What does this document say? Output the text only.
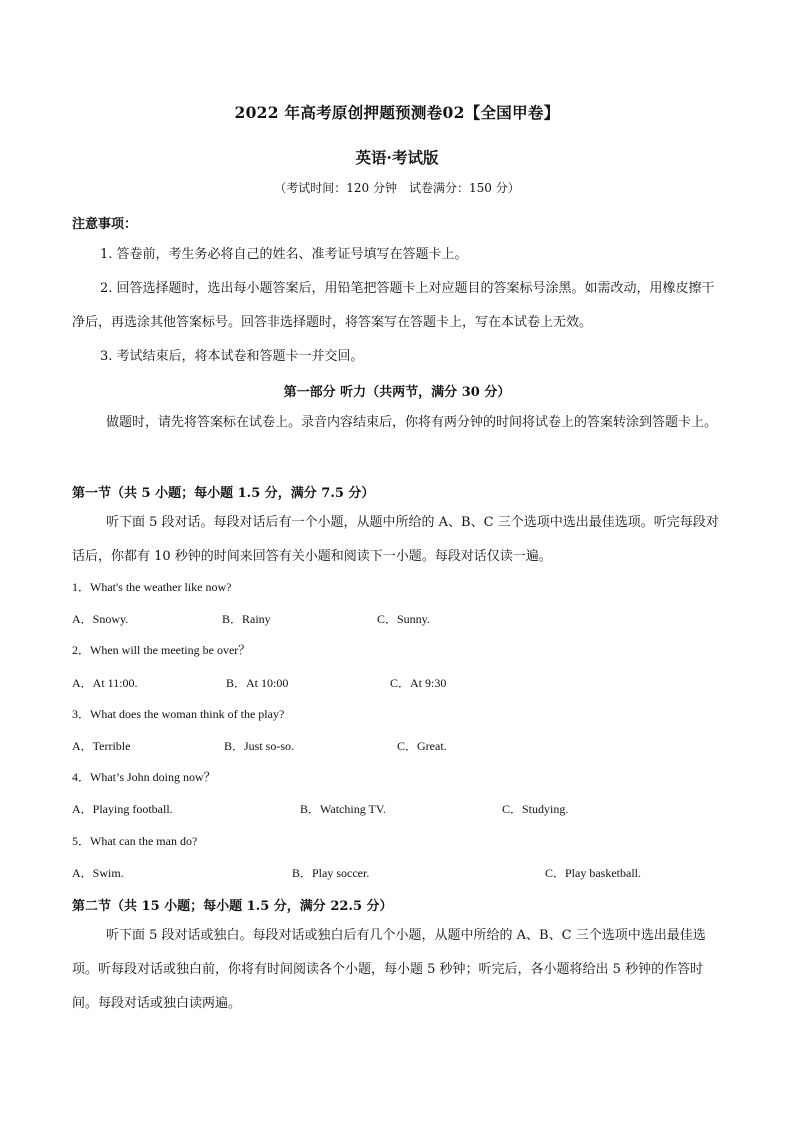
2022 年高考原创押题预测卷02【全国甲卷】
英语·考试版
（考试时间：120 分钟　试卷满分：150 分）
注意事项：
1. 答卷前，考生务必将自己的姓名、准考证号填写在答题卡上。
2. 回答选择题时，选出每小题答案后，用铅笔把答题卡上对应题目的答案标号涂黑。如需改动，用橡皮擦干净后，再选涂其他答案标号。回答非选择题时，将答案写在答题卡上，写在本试卷上无效。
3. 考试结束后，将本试卷和答题卡一并交回。
第一部分 听力（共两节，满分 30 分）
做题时，请先将答案标在试卷上。录音内容结束后，你将有两分钟的时间将试卷上的答案转涂到答题卡上。
第一节（共 5 小题；每小题 1.5 分，满分 7.5 分）
听下面 5 段对话。每段对话后有一个小题，从题中所给的 A、B、C 三个选项中选出最佳选项。听完每段对话后，你都有 10 秒钟的时间来回答有关小题和阅读下一小题。每段对话仅读一遍。
1．What's the weather like now?
A．Snowy.	B．Rainy	C．Sunny.
2．When will the meeting be over？
A．At 11:00.	B．At 10:00	C．At 9:30
3．What does the woman think of the play?
A．Terrible	B．Just so-so.	C．Great.
4．What’s John doing now？
A．Playing football.	B．Watching TV.	C．Studying.
5．What can the man do?
A．Swim.	B．Play soccer.	C．Play basketball.
第二节（共 15 小题；每小题 1.5 分，满分 22.5 分）
听下面 5 段对话或独白。每段对话或独白后有几个小题，从题中所给的 A、B、C 三个选项中选出最佳选项。听每段对话或独白前，你将有时间阅读各个小题，每小题 5 秒钟；听完后，各小题将给出 5 秒钟的作答时间。每段对话或独白读两遍。
